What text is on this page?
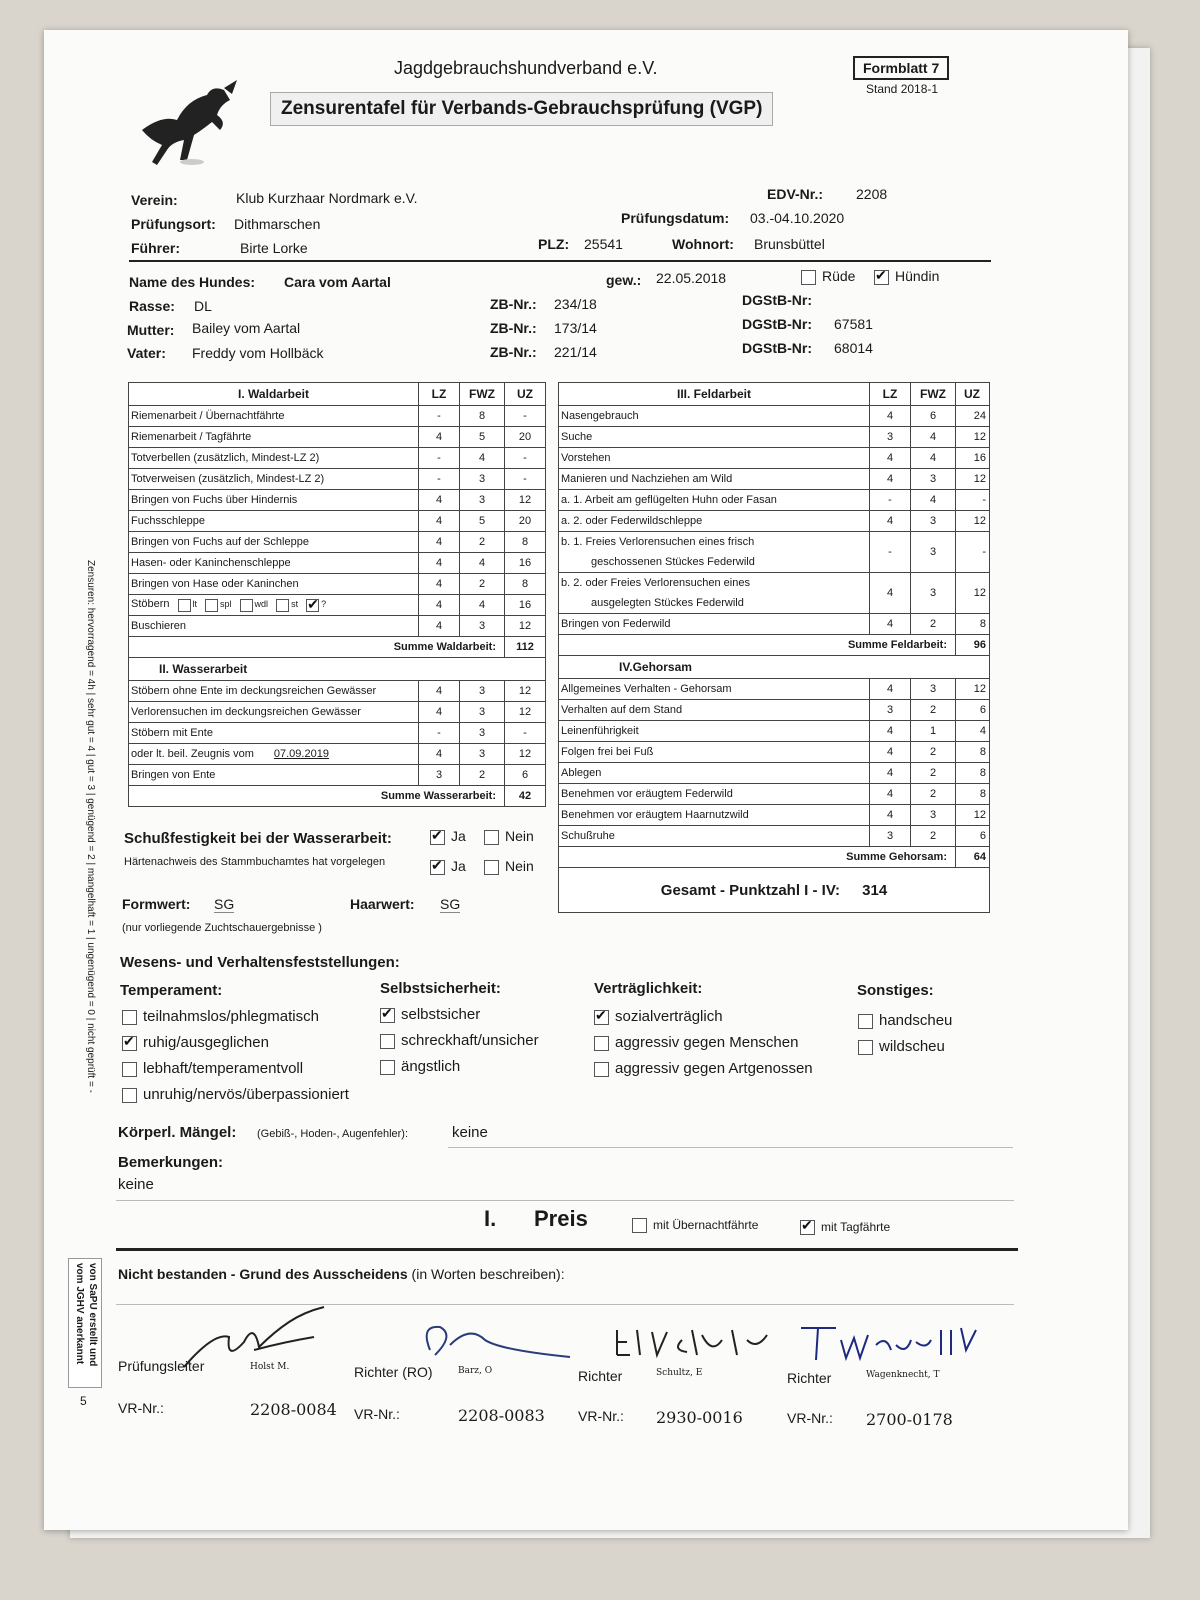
Jagdgebrauchshundverband e.V.
Zensurentafel für Verbands-Gebrauchsprüfung (VGP)
Formblatt 7
Stand 2018-1
Verein:	Klub Kurzhaar Nordmark e.V.	EDV-Nr.: 2208
Prüfungsort: Dithmarschen	Prüfungsdatum: 03.-04.10.2020
Führer:	Birte Lorke	PLZ: 25541	Wohnort: Brunsbüttel
Name des Hundes: Cara vom Aartal	gew.: 22.05.2018	Rüde ✔	Hündin
Rasse: DL	ZB-Nr.: 234/18	DGStB-Nr:
Mutter: Bailey vom Aartal	ZB-Nr.: 173/14	DGStB-Nr: 67581
Vater: Freddy vom Hollbäck	ZB-Nr.: 221/14	DGStB-Nr: 68014
I. Waldarbeit	LZ	FWZ	UZ
Riemenarbeit / Übernachtfährte	-	8	-
Riemenarbeit / Tagfährte	4	5	20
Totverbellen (zusätzlich, Mindest-LZ 2)	-	4	-
Totverweisen (zusätzlich, Mindest-LZ 2)	-	3	-
Bringen von Fuchs über Hindernis	4	3	12
Fuchsschleppe	4	5	20
Bringen von Fuchs auf der Schleppe	4	2	8
Hasen- oder Kaninchenschleppe	4	4	16
Bringen von Hase oder Kaninchen	4	2	8
Stöbern lt spl wdl st ✔ ?	4	4	16
Buschieren	4	3	12
Summe Waldarbeit:			112
II. Wasserarbeit			
Stöbern ohne Ente im deckungsreichen Gewässer	4	3	12
Verlorensuchen im deckungsreichen Gewässer	4	3	12
Stöbern mit Ente	-	3	-
oder lt. beil. Zeugnis vom 07.09.2019	4	3	12
Bringen von Ente	3	2	6
Summe Wasserarbeit:			42
III. Feldarbeit	LZ	FWZ	UZ
Nasengebrauch	4	6	24
Suche	3	4	12
Vorstehen	4	4	16
Manieren und Nachziehen am Wild	4	3	12
a. 1. Arbeit am geflügelten Huhn oder Fasan	-	4	-
a. 2. oder Federwildschleppe	4	3	12
b. 1. Freies Verlorensuchen eines frisch
geschossenen Stückes Federwild	-	3	-
b. 2. oder Freies Verlorensuchen eines
ausgelegten Stückes Federwild	4	3	12
Bringen von Federwild	4	2	8
Summe Feldarbeit:			96
IV.Gehorsam			
Allgemeines Verhalten - Gehorsam	4	3	12
Verhalten auf dem Stand	3	2	6
Leinenführigkeit	4	1	4
Folgen frei bei Fuß	4	2	8
Ablegen	4	2	8
Benehmen vor eräugtem Federwild	4	2	8
Benehmen vor eräugtem Haarnutzwild	4	3	12
Schußruhe	3	2	6
Summe Gehorsam:			64
Gesamt - Punktzahl I - IV: 314			
Schußfestigkeit bei der Wasserarbeit: ✔	Ja	Nein
Härtenachweis des Stammbuchamtes hat vorgelegen ✔	Ja	Nein
Formwert: SG	Haarwert: SG
(nur vorliegende Zuchtschauergebnisse )
Wesens- und Verhaltensfeststellungen:
Temperament:	Selbstsicherheit:	Verträglichkeit:	Sonstiges:
teilnahmslos/phlegmatisch
✔ruhig/ausgeglichen
lebhaft/temperamentvoll
unruhig/nervös/überpassioniert
✔selbstsicher
schreckhaft/unsicher
ängstlich
✔sozialverträglich
aggressiv gegen Menschen
aggressiv gegen Artgenossen
handscheu
wildscheu
Körperl. Mängel: (Gebiß-, Hoden-, Augenfehler):	keine
Bemerkungen:
keine
I. Preis	mit Übernachtfährte ✔	mit Tagfährte
Nicht bestanden - Grund des Ausscheidens (in Worten beschreiben):
Prüfungsleiter	Holst M.	Richter (RO)	Barz, O	Richter	Schultz, E	Richter	Wagenknecht, T
VR-Nr.:	2208-0084 VR-Nr.:	2208-0083 VR-Nr.: 2930-0016	VR-Nr.: 2700-0178
Zensuren: hervorragend = 4h | sehr gut = 4 | gut = 3 | genügend = 2 | mangelhaft = 1 | ungenügend = 0 | nicht geprüft = -
von SaPU erstellt und
vom JGHV anerkannt
5
